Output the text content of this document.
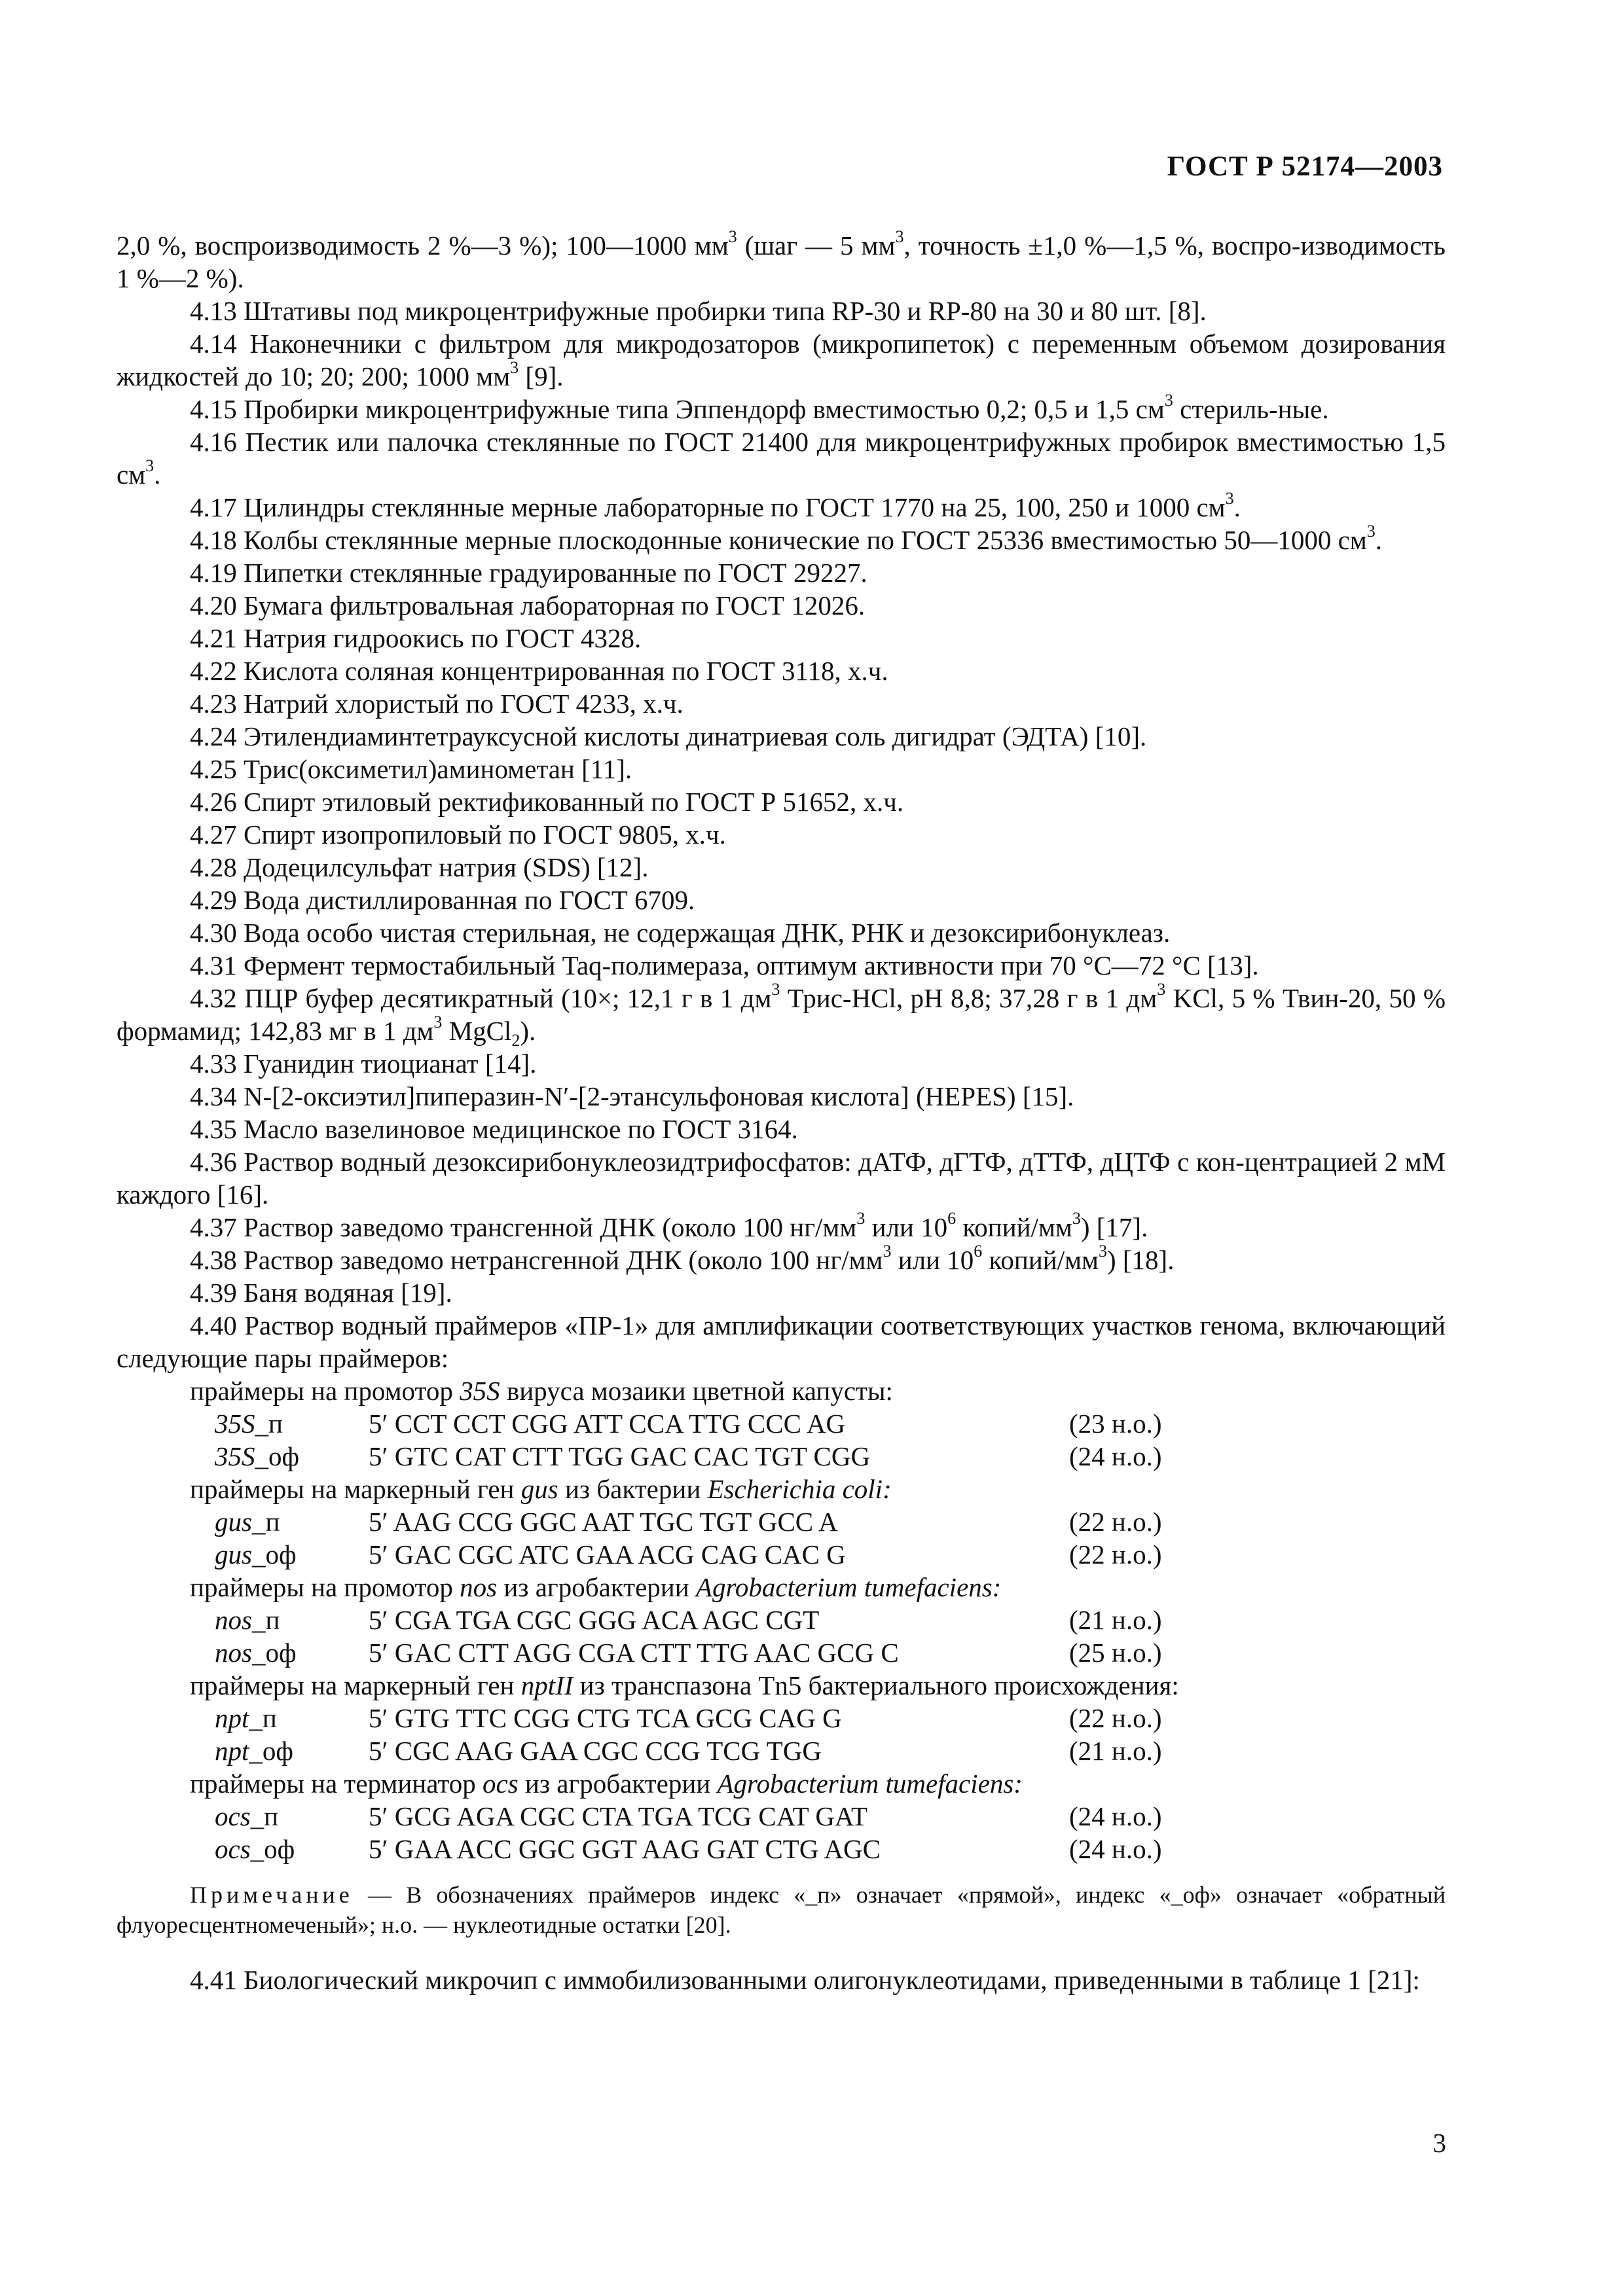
ГОСТ Р 52174—2003
2,0 %, воспроизводимость 2 %—3 %); 100—1000 $мм^3$ (шаг — 5 $мм^3$, точность ±1,0 %—1,5 %, воспро-изводимость 1 %—2 %).
4.13 Штативы под микроцентрифужные пробирки типа RP-30 и RP-80 на 30 и 80 шт. [8].
4.14 Наконечники с фильтром для микродозаторов (микропипеток) с переменным объемом дозирования жидкостей до 10; 20; 200; 1000 $мм^3$ [9].
4.15 Пробирки микроцентрифужные типа Эппендорф вместимостью 0,2; 0,5 и 1,5 $см^3$ стериль-ные.
4.16 Пестик или палочка стеклянные по ГОСТ 21400 для микроцентрифужных пробирок вместимостью 1,5 $см^3$.
4.17 Цилиндры стеклянные мерные лабораторные по ГОСТ 1770 на 25, 100, 250 и 1000 $см^3$.
4.18 Колбы стеклянные мерные плоскодонные конические по ГОСТ 25336 вместимостью 50—1000 $см^3$.
4.19 Пипетки стеклянные градуированные по ГОСТ 29227.
4.20 Бумага фильтровальная лабораторная по ГОСТ 12026.
4.21 Натрия гидроокись по ГОСТ 4328.
4.22 Кислота соляная концентрированная по ГОСТ 3118, х.ч.
4.23 Натрий хлористый по ГОСТ 4233, х.ч.
4.24 Этилендиаминтетрауксусной кислоты динатриевая соль дигидрат (ЭДТА) [10].
4.25 Трис(оксиметил)аминометан [11].
4.26 Спирт этиловый ректификованный по ГОСТ Р 51652, х.ч.
4.27 Спирт изопропиловый по ГОСТ 9805, х.ч.
4.28 Додецилсульфат натрия (SDS) [12].
4.29 Вода дистиллированная по ГОСТ 6709.
4.30 Вода особо чистая стерильная, не содержащая ДНК, РНК и дезоксирибонуклеаз.
4.31 Фермент термостабильный Taq-полимераза, оптимум активности при 70 °С—72 °С [13].
4.32 ПЦР буфер десятикратный (10×; 12,1 г в 1 $дм^3$ Трис-HCl, pH 8,8; 37,28 г в 1 $дм^3$ KCl, 5 % Твин-20, 50 % формамид; 142,83 мг в 1 $дм^3$ MgCl$_2$).
4.33 Гуанидин тиоцианат [14].
4.34 N-[2-оксиэтил]пиперазин-N′-[2-этансульфоновая кислота] (HEPES) [15].
4.35 Масло вазелиновое медицинское по ГОСТ 3164.
4.36 Раствор водный дезоксирибонуклеозидтрифосфатов: дАТФ, дГТФ, дТТФ, дЦТФ с кон-центрацией 2 мМ каждого [16].
4.37 Раствор заведомо трансгенной ДНК (около 100 $нг/мм^3$ или $10^6$ копий/$мм^3$) [17].
4.38 Раствор заведомо нетрансгенной ДНК (около 100 $нг/мм^3$ или $10^6$ копий/$мм^3$) [18].
4.39 Баня водяная [19].
4.40 Раствор водный праймеров «ПР-1» для амплификации соответствующих участков генома, включающий следующие пары праймеров:
праймеры на промотор 35S вируса мозаики цветной капусты:
35S_п	5′ CCT CCT CGG ATT CCA TTG CCC AG	(23 н.о.)
35S_оф	5′ GTC CAT CTT TGG GAC CAC TGT CGG	(24 н.о.)
праймеры на маркерный ген gus из бактерии Escherichia coli:
gus_п	5′ AAG CCG GGC AAT TGC TGT GCC A	(22 н.о.)
gus_оф	5′ GAC CGC ATC GAA ACG CAG CAC G	(22 н.о.)
праймеры на промотор nos из агробактерии Agrobacterium tumefaciens:
nos_п	5′ CGA TGA CGC GGG ACA AGC CGT	(21 н.о.)
nos_оф	5′ GAC CTT AGG CGA CTT TTG AAC GCG C	(25 н.о.)
праймеры на маркерный ген nptII из транспазона Tn5 бактериального происхождения:
npt_п	5′ GTG TTC CGG CTG TCA GCG CAG G	(22 н.о.)
npt_оф	5′ CGC AAG GAA CGC CCG TCG TGG	(21 н.о.)
праймеры на терминатор ocs из агробактерии Agrobacterium tumefaciens:
ocs_п	5′ GCG AGA CGC CTA TGA TCG CAT GAT	(24 н.о.)
ocs_оф	5′ GAA ACC GGC GGT AAG GAT CTG AGC	(24 н.о.)
Примечание — В обозначениях праймеров индекс «_п» означает «прямой», индекс «_оф» означает «обратный флуоресцентномеченый»; н.о. — нуклеотидные остатки [20].
4.41 Биологический микрочип с иммобилизованными олигонуклеотидами, приведенными в таблице 1 [21]:
3
